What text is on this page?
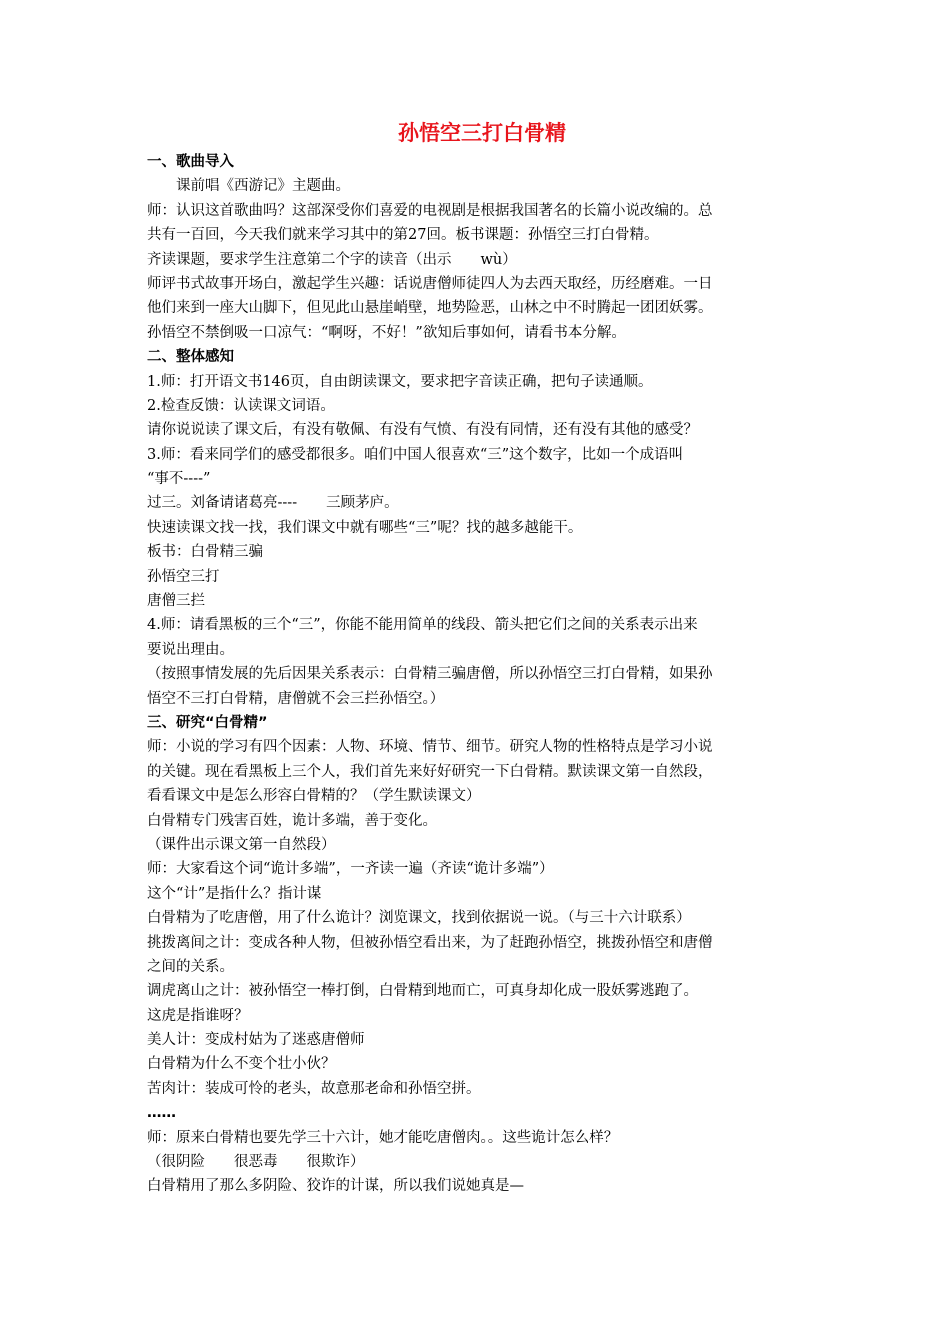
孙悟空三打白骨精
一、歌曲导入
课前唱《西游记》主题曲。
师：认识这首歌曲吗？这部深受你们喜爱的电视剧是根据我国著名的长篇小说改编的。总
共有一百回，今天我们就来学习其中的第27回。板书课题：孙悟空三打白骨精。
齐读课题，要求学生注意第二个字的读音（出示　　wù）
师评书式故事开场白，激起学生兴趣：话说唐僧师徒四人为去西天取经，历经磨难。一日
他们来到一座大山脚下，但见此山悬崖峭壁，地势险恶，山林之中不时腾起一团团妖雾。
孙悟空不禁倒吸一口凉气：“啊呀，不好！”欲知后事如何，请看书本分解。
二、整体感知
1.师：打开语文书146页，自由朗读课文，要求把字音读正确，把句子读通顺。
2.检查反馈：认读课文词语。
请你说说读了课文后，有没有敬佩、有没有气愤、有没有同情，还有没有其他的感受？
3.师：看来同学们的感受都很多。咱们中国人很喜欢“三”这个数字，比如一个成语叫
“事不----”
过三。刘备请诸葛亮----　　三顾茅庐。
快速读课文找一找，我们课文中就有哪些“三”呢？找的越多越能干。
板书：白骨精三骗
孙悟空三打
唐僧三拦
4.师：请看黑板的三个“三”，你能不能用简单的线段、箭头把它们之间的关系表示出来
要说出理由。
（按照事情发展的先后因果关系表示：白骨精三骗唐僧，所以孙悟空三打白骨精，如果孙
悟空不三打白骨精，唐僧就不会三拦孙悟空。）
三、研究“白骨精”
师：小说的学习有四个因素：人物、环境、情节、细节。研究人物的性格特点是学习小说
的关键。现在看黑板上三个人，我们首先来好好研究一下白骨精。默读课文第一自然段，
看看课文中是怎么形容白骨精的？（学生默读课文）
白骨精专门残害百姓，诡计多端，善于变化。
（课件出示课文第一自然段）
师：大家看这个词“诡计多端”，一齐读一遍（齐读“诡计多端”）
这个“计”是指什么？指计谋
白骨精为了吃唐僧，用了什么诡计？浏览课文，找到依据说一说。（与三十六计联系）
挑拨离间之计：变成各种人物，但被孙悟空看出来，为了赶跑孙悟空，挑拨孙悟空和唐僧
之间的关系。
调虎离山之计：被孙悟空一棒打倒，白骨精到地而亡，可真身却化成一股妖雾逃跑了。
这虎是指谁呀？
美人计：变成村姑为了迷惑唐僧师
白骨精为什么不变个壮小伙？
苦肉计：装成可怜的老头，故意那老命和孙悟空拼。
……
师：原来白骨精也要先学三十六计，她才能吃唐僧肉。。这些诡计怎么样？
（很阴险　　很恶毒　　很欺诈）
白骨精用了那么多阴险、狡诈的计谋，所以我们说她真是—
